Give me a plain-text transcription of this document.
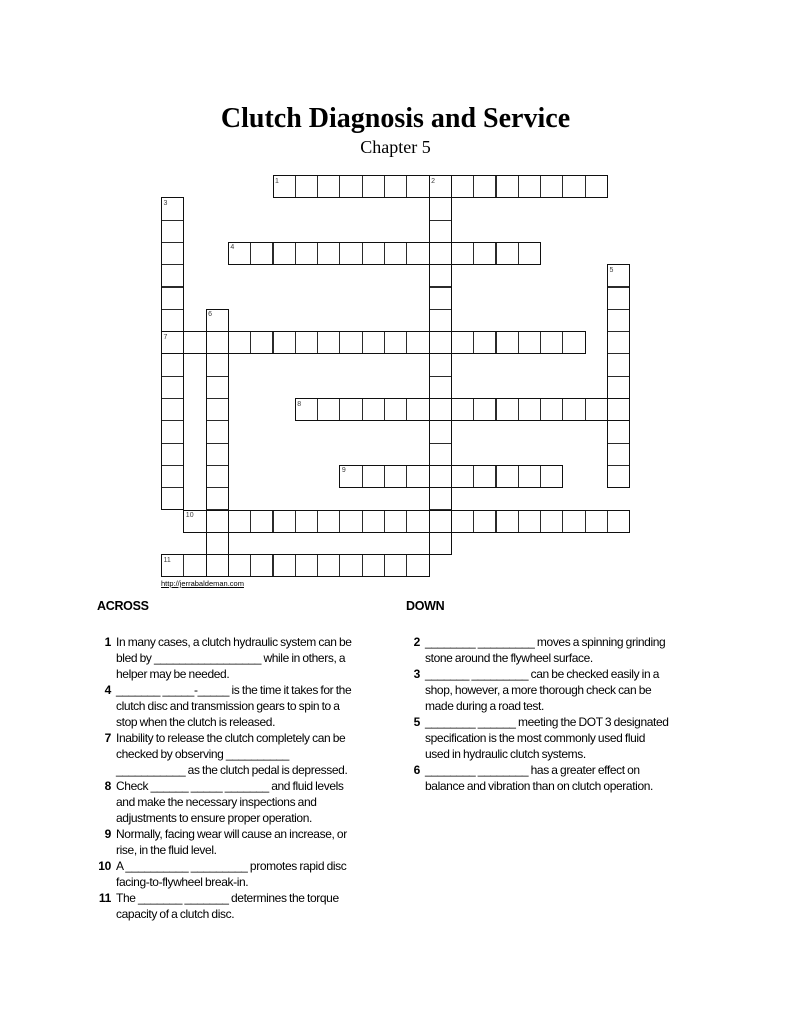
Clutch Diagnosis and Service
Chapter 5
1	2
3
4
5
6
7
8
9
10
11
http://jerrabaldeman.com
ACROSS
1 In many cases, a clutch hydraulic system can be bled by _________________ while in others, a helper may be needed.
4 _______ _____-_____ is the time it takes for the clutch disc and transmission gears to spin to a stop when the clutch is released.
7 Inability to release the clutch completely can be checked by observing __________ ___________ as the clutch pedal is depressed.
8 Check ______ _____ _______ and fluid levels and make the necessary inspections and adjustments to ensure proper operation.
9 Normally, facing wear will cause an increase, or rise, in the fluid level.
10 A __________ _________ promotes rapid disc facing-to-flywheel break-in.
11 The _______ _______ determines the torque capacity of a clutch disc.
DOWN
2 ________ _________ moves a spinning grinding stone around the flywheel surface.
3 _______ _________ can be checked easily in a shop, however, a more thorough check can be made during a road test.
5 ________ ______ meeting the DOT 3 designated specification is the most commonly used fluid used in hydraulic clutch systems.
6 ________ ________ has a greater effect on balance and vibration than on clutch operation.
